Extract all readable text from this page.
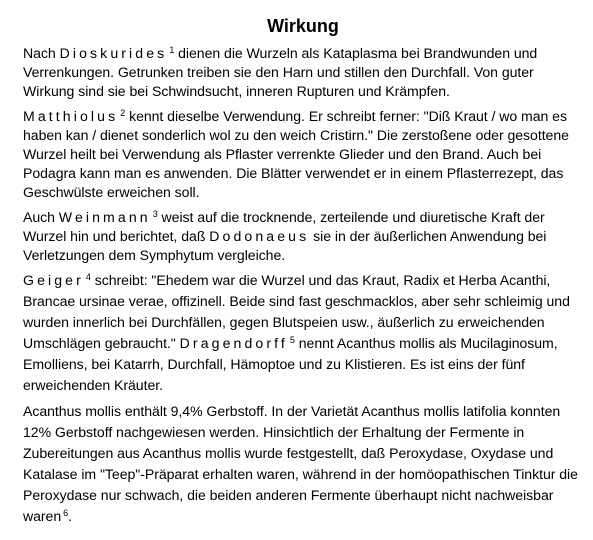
Wirkung

Nach Dioskurides $^1$ dienen die Wurzeln als Kataplasma bei Brandwunden und Verrenkungen. Getrunken treiben sie den Harn und stillen den Durchfall. Von guter Wirkung sind sie bei Schwindsucht, inneren Rupturen und Krämpfen.

Matthiolus $^2$ kennt dieselbe Verwendung. Er schreibt ferner: "Diß Kraut / wo man es haben kan / dienet sonderlich wol zu den weich Cristirn." Die zerstoßene oder gesottene Wurzel heilt bei Verwendung als Pflaster verrenkte Glieder und den Brand. Auch bei Podagra kann man es anwenden. Die Blätter verwendet er in einem Pflasterrezept, das Geschwülste erweichen soll.

Auch Weinmann $^3$ weist auf die trocknende, zerteilende und diuretische Kraft der Wurzel hin und berichtet, daß Dodonaeus sie in der äußerlichen Anwendung bei Verletzungen dem Symphytum vergleiche.

Geiger $^4$ schreibt: "Ehedem war die Wurzel und das Kraut, Radix et Herba Acanthi, Brancae ursinae verae, offizinell. Beide sind fast geschmacklos, aber sehr schleimig und wurden innerlich bei Durchfällen, gegen Blutspeien usw., äußerlich zu erweichenden Umschlägen gebraucht." Dragendorff $^5$ nennt Acanthus mollis als Mucilaginosum, Emolliens, bei Katarrh, Durchfall, Hämoptoe und zu Klistieren. Es ist eins der fünf erweichenden Kräuter.

Acanthus mollis enthält 9,4% Gerbstoff. In der Varietät Acanthus mollis latifolia konnten 12% Gerbstoff nachgewiesen werden. Hinsichtlich der Erhaltung der Fermente in Zubereitungen aus Acanthus mollis wurde festgestellt, daß Peroxydase, Oxydase und Katalase im "Teep"-Präparat erhalten waren, während in der homöopathischen Tinktur die Peroxydase nur schwach, die beiden anderen Fermente überhaupt nicht nachweisbar waren $^6$.
